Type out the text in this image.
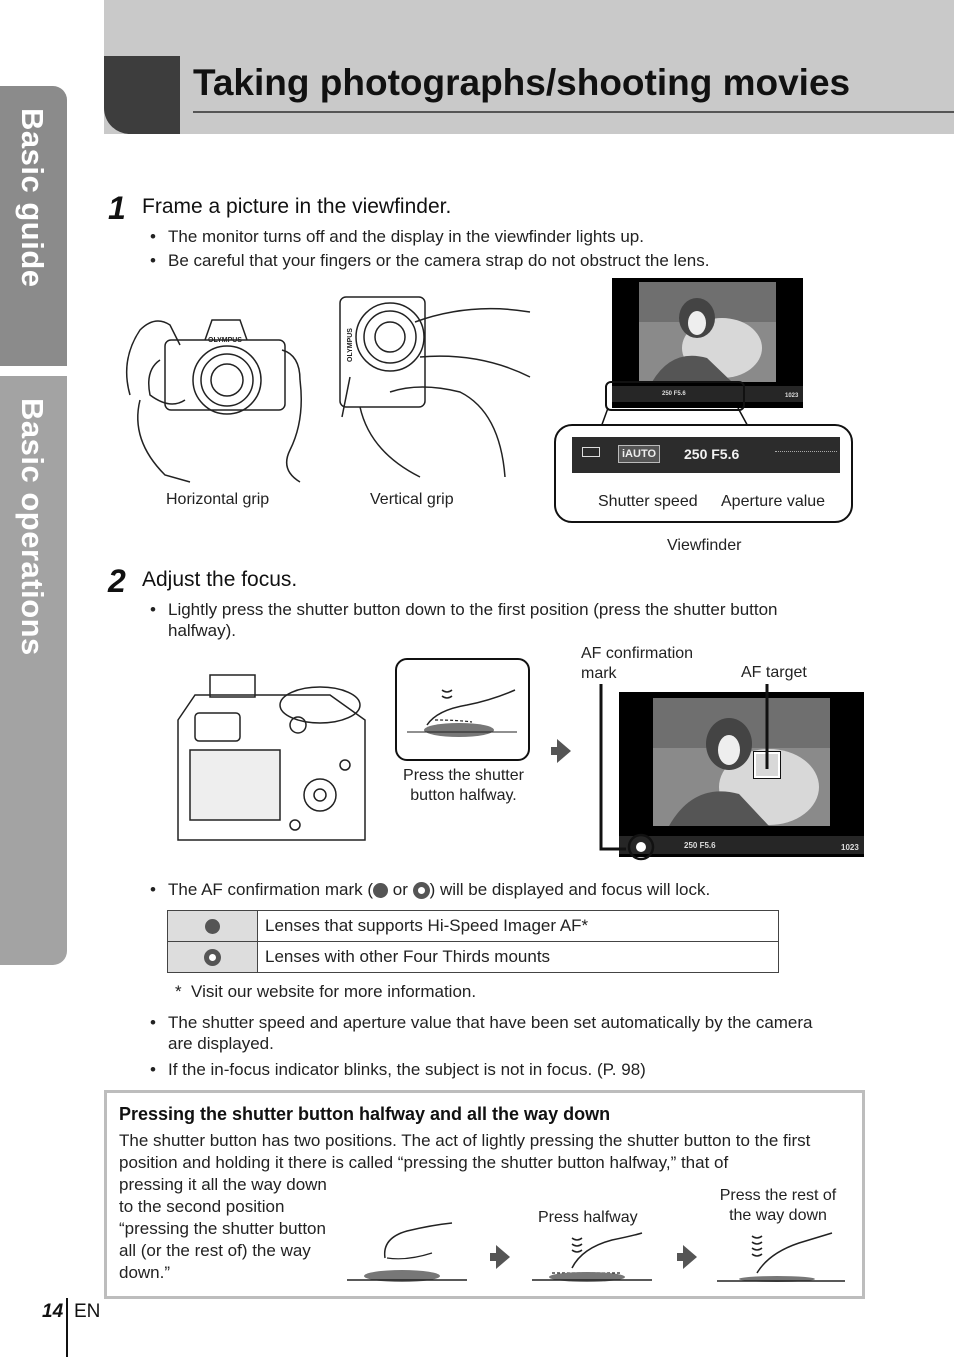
Taking photographs/shooting movies
Basic guide
Basic operations
1 Frame a picture in the viewfinder.
• The monitor turns off and the display in the viewfinder lights up.
• Be careful that your fingers or the camera strap do not obstruct the lens.
OLYMPUS
Horizontal grip
OLYMPUS
Vertical grip
250 F5.6	1023
iAUTO 250 F5.6
Shutter speed Aperture value
Viewfinder
2 Adjust the focus.
• Lightly press the shutter button down to the first position (press the shutter button halfway).
Press the shutter
button halfway.
AF confirmation
mark	AF target
250 F5.6	1023
• The AF confirmation mark ( or ) will be displayed and focus will lock.
	Lenses that supports Hi-Speed Imager AF*
	Lenses with other Four Thirds mounts
*  Visit our website for more information.
• The shutter speed and aperture value that have been set automatically by the camera are displayed.
• If the in-focus indicator blinks, the subject is not in focus. (P. 98)
Pressing the shutter button halfway and all the way down
The shutter button has two positions. The act of lightly pressing the shutter button to the first position and holding it there is called “pressing the shutter button halfway,” that of
pressing it all the way down to the second position “pressing the shutter button all (or the rest of) the way down.”
Press halfway
Press the rest of
the way down
14 EN
